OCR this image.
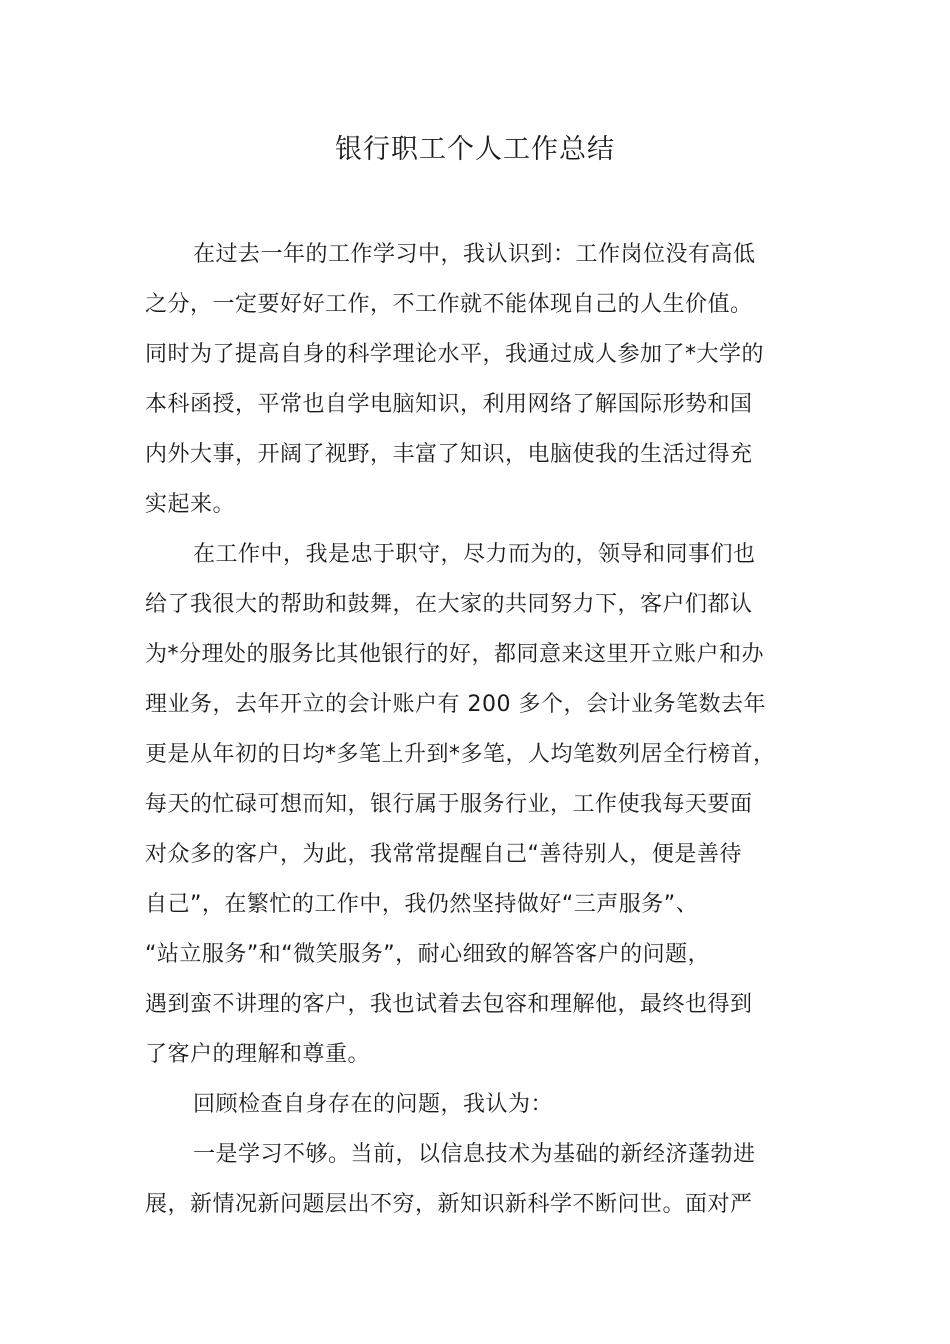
银行职工个人工作总结
在过去一年的工作学习中，我认识到：工作岗位没有高低
之分，一定要好好工作，不工作就不能体现自己的人生价值。
同时为了提高自身的科学理论水平，我通过成人参加了*大学的
本科函授，平常也自学电脑知识，利用网络了解国际形势和国
内外大事，开阔了视野，丰富了知识，电脑使我的生活过得充
实起来。
在工作中，我是忠于职守，尽力而为的，领导和同事们也
给了我很大的帮助和鼓舞，在大家的共同努力下，客户们都认
为*分理处的服务比其他银行的好，都同意来这里开立账户和办
理业务，去年开立的会计账户有 200 多个，会计业务笔数去年
更是从年初的日均*多笔上升到*多笔，人均笔数列居全行榜首，
每天的忙碌可想而知，银行属于服务行业，工作使我每天要面
对众多的客户，为此，我常常提醒自己“善待别人，便是善待
自己”，在繁忙的工作中，我仍然坚持做好“三声服务”、
“站立服务”和“微笑服务”，耐心细致的解答客户的问题，
遇到蛮不讲理的客户，我也试着去包容和理解他，最终也得到
了客户的理解和尊重。
回顾检查自身存在的问题，我认为：
一是学习不够。当前，以信息技术为基础的新经济蓬勃进
展，新情况新问题层出不穷，新知识新科学不断问世。面对严
